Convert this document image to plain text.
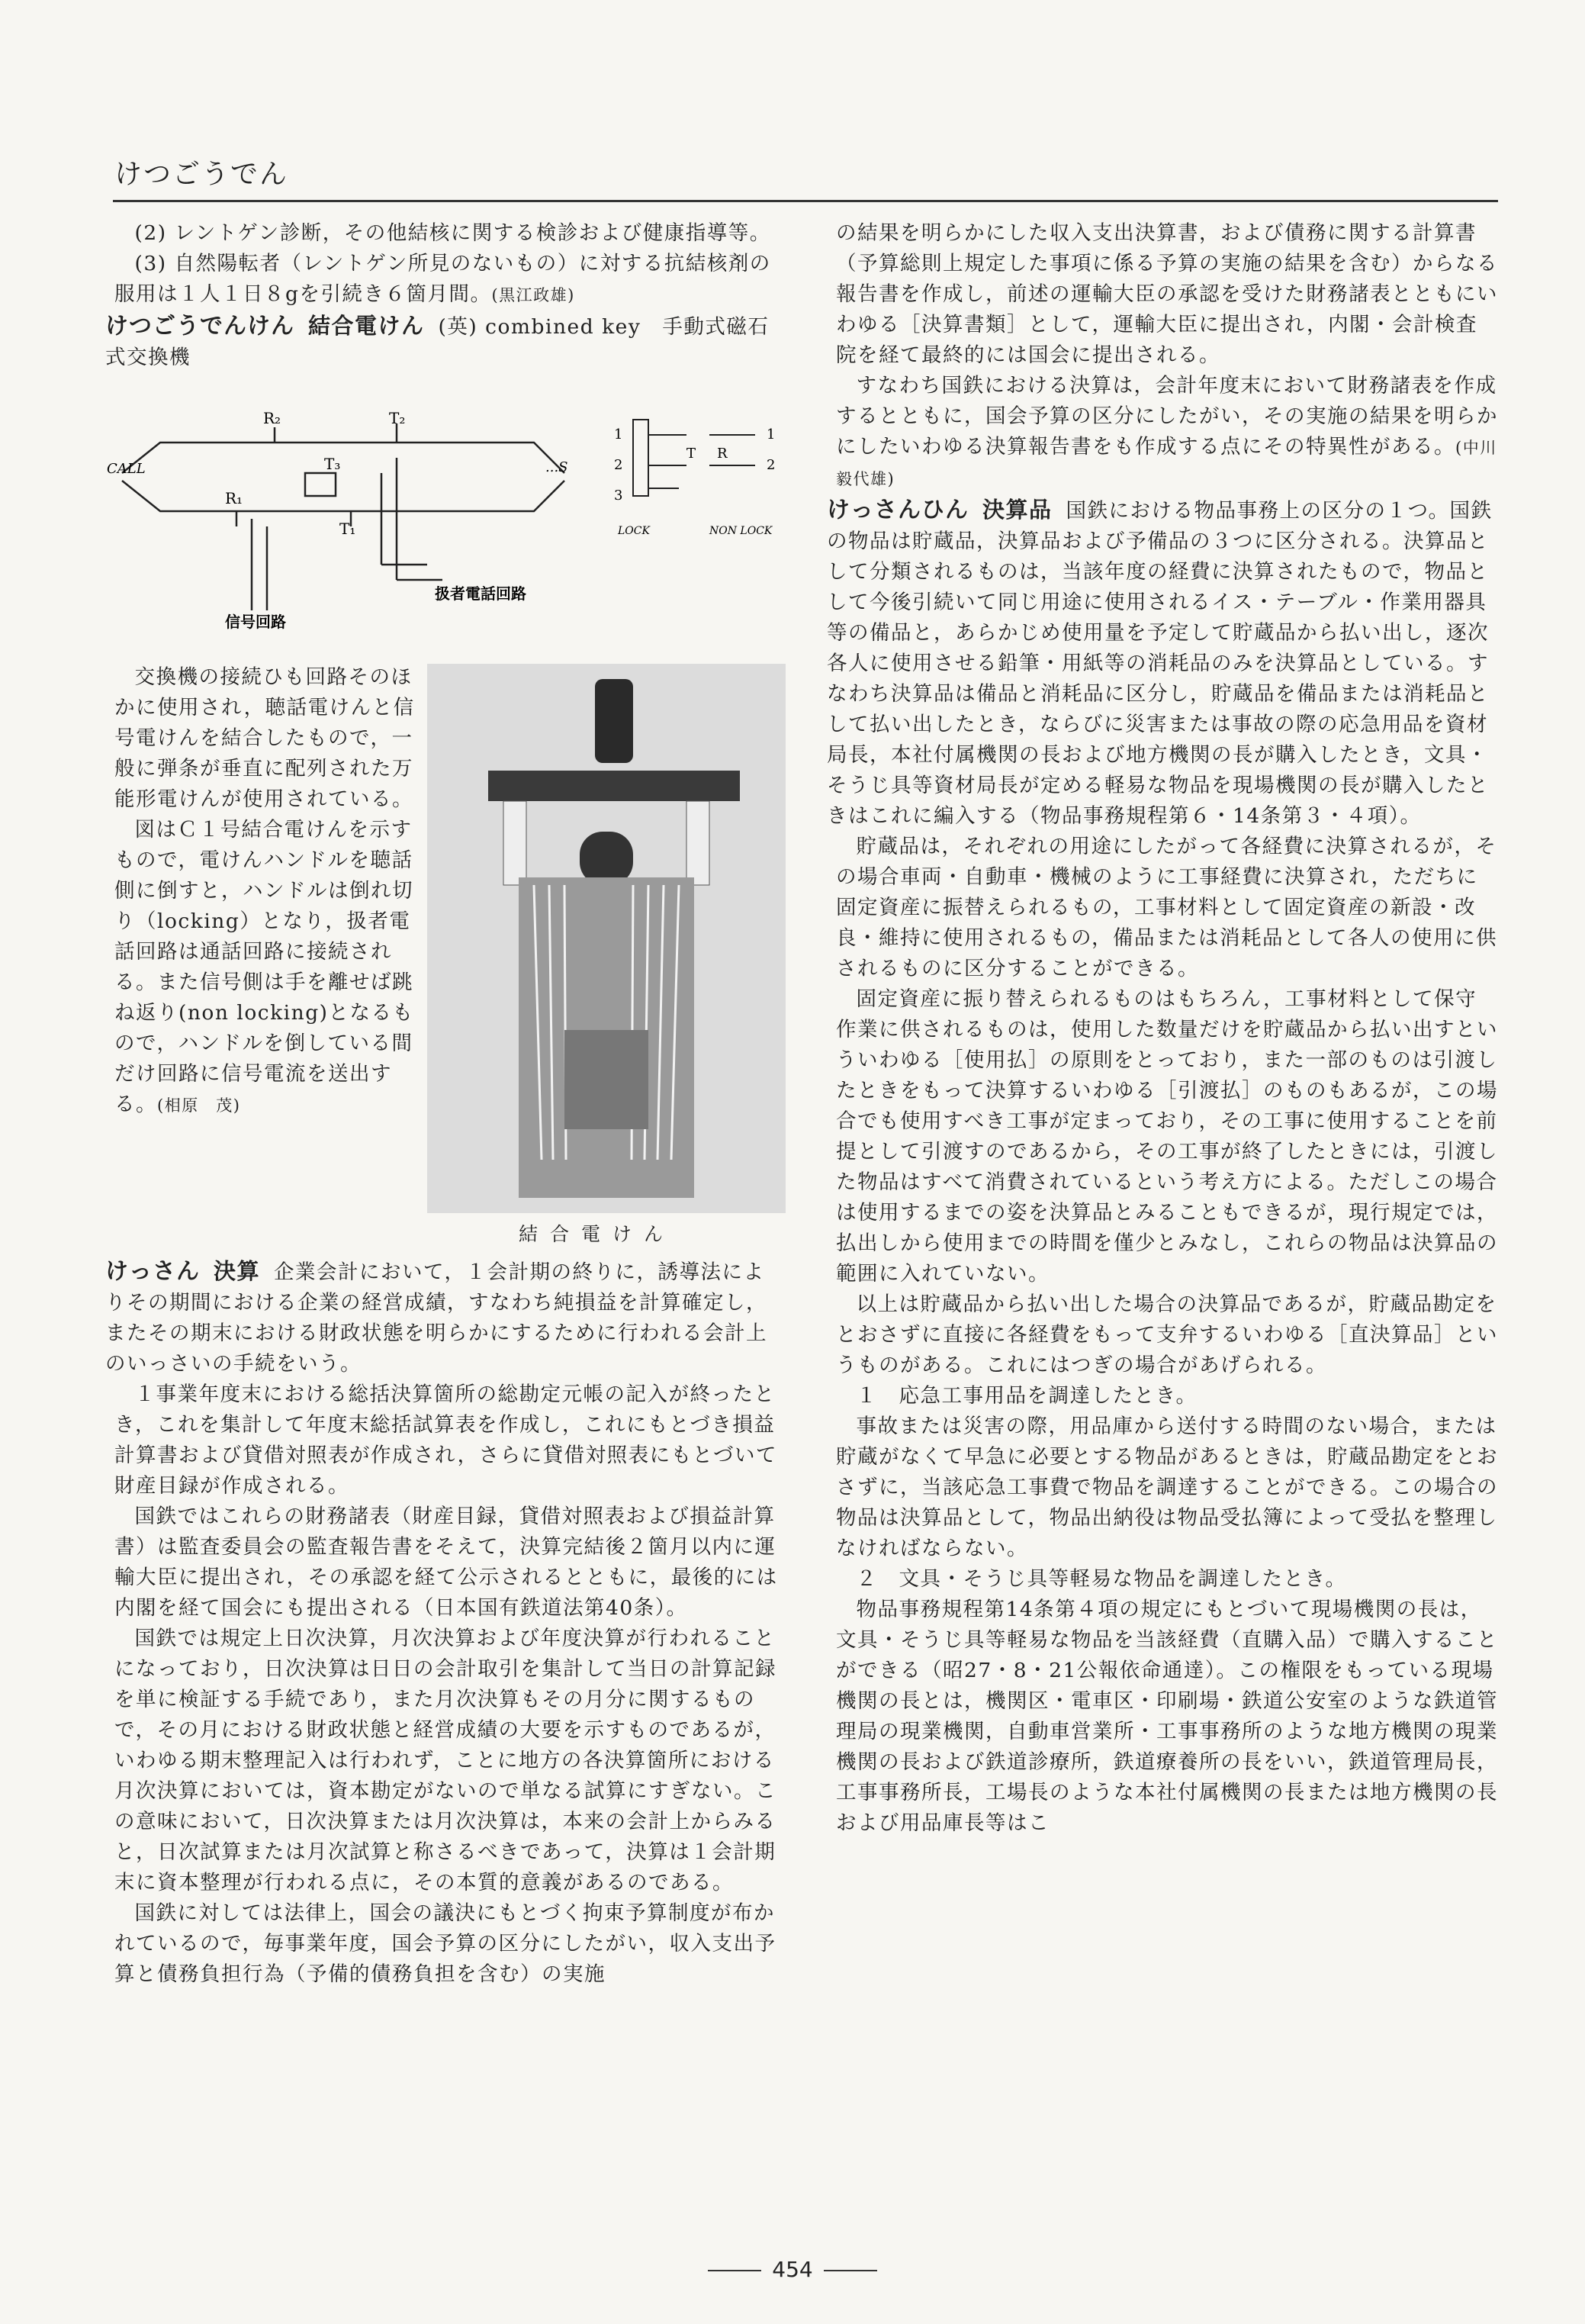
けつごうでん

(2) レントゲン診断，その他結核に関する検診および健康指導等。

(3) 自然陽転者（レントゲン所見のないもの）に対する抗結核剤の服用は１人１日８gを引続き６箇月間。(黒江政雄)

けつごうでんけん 結合電けん (英) combined key　 手動式磁石式交換機

CALL	...S
R₂	T₂
T₃
R₁
T₁
信号回路
扱者電話回路
1
2
3
T R
1
2
LOCK	NON LOCK

交換機の接続ひも回路そのほかに使用され，聴話電けんと信号電けんを結合したもので，一般に弾条が垂直に配列された万能形電けんが使用されている。

図はＣ１号結合電けんを示すもので，電けんハンドルを聴話側に倒すと，ハンドルは倒れ切り（locking）となり，扱者電話回路は通話回路に接続される。また信号側は手を離せば跳ね返り(non locking)となるもので，ハンドルを倒している間だけ回路に信号電流を送出する。(相原　茂)

結合電けん

けっさん 決算 企業会計において，１会計期の終りに，誘導法によりその期間における企業の経営成績，すなわち純損益を計算確定し，またその期末における財政状態を明らかにするために行われる会計上のいっさいの手続をいう。

１事業年度末における総括決算箇所の総勘定元帳の記入が終ったとき，これを集計して年度末総括試算表を作成し，これにもとづき損益計算書および貸借対照表が作成され，さらに貸借対照表にもとづいて財産目録が作成される。

国鉄ではこれらの財務諸表（財産目録，貸借対照表および損益計算書）は監査委員会の監査報告書をそえて，決算完結後２箇月以内に運輸大臣に提出され，その承認を経て公示されるとともに，最後的には内閣を経て国会にも提出される（日本国有鉄道法第40条）。

国鉄では規定上日次決算，月次決算および年度決算が行われることになっており，日次決算は日日の会計取引を集計して当日の計算記録を単に検証する手続であり，また月次決算もその月分に関するもので，その月における財政状態と経営成績の大要を示すものであるが，いわゆる期末整理記入は行われず，ことに地方の各決算箇所における月次決算においては，資本勘定がないので単なる試算にすぎない。この意味において，日次決算または月次決算は，本来の会計上からみると，日次試算または月次試算と称さるべきであって，決算は１会計期末に資本整理が行われる点に，その本質的意義があるのである。

国鉄に対しては法律上，国会の議決にもとづく拘束予算制度が布かれているので，毎事業年度，国会予算の区分にしたがい，収入支出予算と債務負担行為（予備的債務負担を含む）の実施

の結果を明らかにした収入支出決算書，および債務に関する計算書（予算総則上規定した事項に係る予算の実施の結果を含む）からなる報告書を作成し，前述の運輸大臣の承認を受けた財務諸表とともにいわゆる［決算書類］として，運輸大臣に提出され，内閣・会計検査院を経て最終的には国会に提出される。

すなわち国鉄における決算は，会計年度末において財務諸表を作成するとともに，国会予算の区分にしたがい，その実施の結果を明らかにしたいわゆる決算報告書をも作成する点にその特異性がある。(中川毅代雄)

けっさんひん 決算品 国鉄における物品事務上の区分の１つ。国鉄の物品は貯蔵品，決算品および予備品の３つに区分される。決算品として分類されるものは，当該年度の経費に決算されたもので，物品として今後引続いて同じ用途に使用されるイス・テーブル・作業用器具等の備品と，あらかじめ使用量を予定して貯蔵品から払い出し，逐次各人に使用させる鉛筆・用紙等の消耗品のみを決算品としている。すなわち決算品は備品と消耗品に区分し，貯蔵品を備品または消耗品として払い出したとき，ならびに災害または事故の際の応急用品を資材局長，本社付属機関の長および地方機関の長が購入したとき，文具・そうじ具等資材局長が定める軽易な物品を現場機関の長が購入したときはこれに編入する（物品事務規程第６・14条第３・４項）。

貯蔵品は，それぞれの用途にしたがって各経費に決算されるが，その場合車両・自動車・機械のように工事経費に決算され，ただちに固定資産に振替えられるもの，工事材料として固定資産の新設・改良・維持に使用されるもの，備品または消耗品として各人の使用に供されるものに区分することができる。

固定資産に振り替えられるものはもちろん，工事材料として保守作業に供されるものは，使用した数量だけを貯蔵品から払い出すといういわゆる［使用払］の原則をとっており，また一部のものは引渡したときをもって決算するいわゆる［引渡払］のものもあるが，この場合でも使用すべき工事が定まっており，その工事に使用することを前提として引渡すのであるから，その工事が終了したときには，引渡した物品はすべて消費されているという考え方による。ただしこの場合は使用するまでの姿を決算品とみることもできるが，現行規定では，払出しから使用までの時間を僅少とみなし，これらの物品は決算品の範囲に入れていない。

以上は貯蔵品から払い出した場合の決算品であるが，貯蔵品勘定をとおさずに直接に各経費をもって支弁するいわゆる［直決算品］というものがある。これにはつぎの場合があげられる。

１　応急工事用品を調達したとき。

事故または災害の際，用品庫から送付する時間のない場合，または貯蔵がなくて早急に必要とする物品があるときは，貯蔵品勘定をとおさずに，当該応急工事費で物品を調達することができる。この場合の物品は決算品として，物品出納役は物品受払簿によって受払を整理しなければならない。

２　文具・そうじ具等軽易な物品を調達したとき。

物品事務規程第14条第４項の規定にもとづいて現場機関の長は，文具・そうじ具等軽易な物品を当該経費（直購入品）で購入することができる（昭27・8・21公報依命通達）。この権限をもっている現場機関の長とは，機関区・電車区・印刷場・鉄道公安室のような鉄道管理局の現業機関，自動車営業所・工事事務所のような地方機関の現業機関の長および鉄道診療所，鉄道療養所の長をいい，鉄道管理局長，工事事務所長，工場長のような本社付属機関の長または地方機関の長および用品庫長等はこ

454
